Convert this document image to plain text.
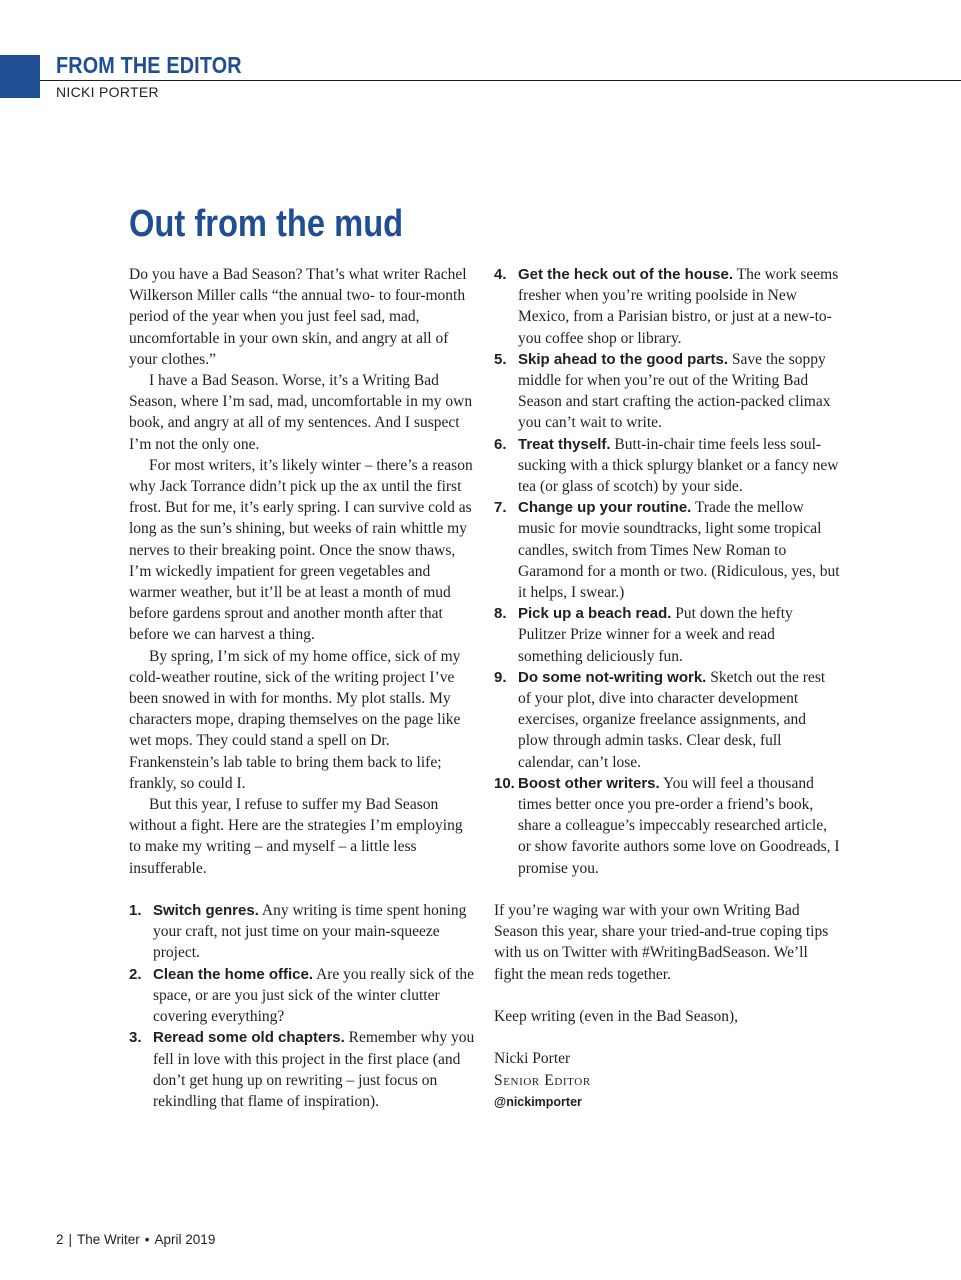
FROM THE EDITOR
NICKI PORTER
Out from the mud

Do you have a Bad Season? That’s what writer Rachel Wilkerson Miller calls “the annual two- to four-month period of the year when you just feel sad, mad, uncomfortable in your own skin, and angry at all of your clothes.”

I have a Bad Season. Worse, it’s a Writing Bad Season, where I’m sad, mad, uncomfortable in my own book, and angry at all of my sentences. And I suspect I’m not the only one.

For most writers, it’s likely winter – there’s a reason why Jack Torrance didn’t pick up the ax until the first frost. But for me, it’s early spring. I can survive cold as long as the sun’s shining, but weeks of rain whittle my nerves to their breaking point. Once the snow thaws, I’m wickedly impatient for green vegetables and warmer weather, but it’ll be at least a month of mud before gardens sprout and another month after that before we can harvest a thing.

By spring, I’m sick of my home office, sick of my cold-weather routine, sick of the writing project I’ve been snowed in with for months. My plot stalls. My characters mope, draping themselves on the page like wet mops. They could stand a spell on Dr. Frankenstein’s lab table to bring them back to life; frankly, so could I.

But this year, I refuse to suffer my Bad Season without a fight. Here are the strategies I’m employing to make my writing – and myself – a little less insufferable.

1. Switch genres. Any writing is time spent honing your craft, not just time on your main-squeeze project.

2. Clean the home office. Are you really sick of the space, or are you just sick of the winter clutter covering everything?

3. Reread some old chapters. Remember why you fell in love with this project in the first place (and don’t get hung up on rewriting – just focus on rekindling that flame of inspiration).

4. Get the heck out of the house. The work seems fresher when you’re writing poolside in New Mexico, from a Parisian bistro, or just at a new-to-you coffee shop or library.

5. Skip ahead to the good parts. Save the soppy middle for when you’re out of the Writing Bad Season and start crafting the action-packed climax you can’t wait to write.

6. Treat thyself. Butt-in-chair time feels less soul-sucking with a thick splurgy blanket or a fancy new tea (or glass of scotch) by your side.

7. Change up your routine. Trade the mellow music for movie soundtracks, light some tropical candles, switch from Times New Roman to Garamond for a month or two. (Ridiculous, yes, but it helps, I swear.)

8. Pick up a beach read. Put down the hefty Pulitzer Prize winner for a week and read something deliciously fun.

9. Do some not-writing work. Sketch out the rest of your plot, dive into character development exercises, organize freelance assignments, and plow through admin tasks. Clear desk, full calendar, can’t lose.

10. Boost other writers. You will feel a thousand times better once you pre-order a friend’s book, share a colleague’s impeccably researched article, or show favorite authors some love on Goodreads, I promise you.

If you’re waging war with your own Writing Bad Season this year, share your tried-and-true coping tips with us on Twitter with #WritingBadSeason. We’ll fight the mean reds together.

Keep writing (even in the Bad Season),

Nicki Porter

Senior Editor

@nickimporter

2 | The Writer • April 2019
